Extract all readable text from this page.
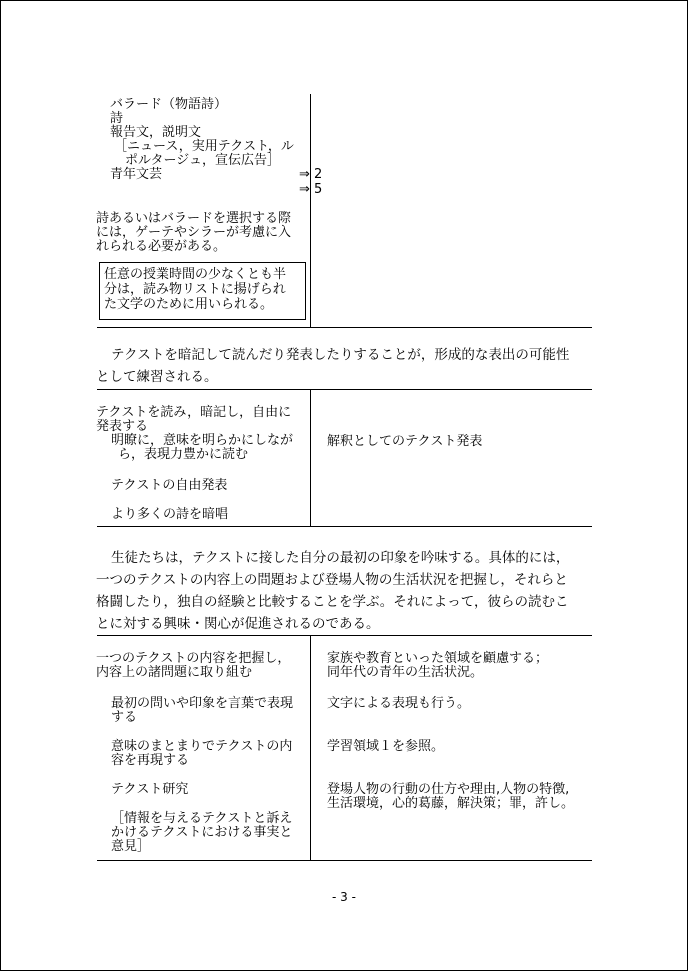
バラード（物語詩）
詩
報告文，説明文
［ニュース，実用テクスト，ル
ポルタージュ，宣伝広告］
青年文芸	⇒ 2
⇒ 5
詩あるいはバラードを選択する際
には，ゲーテやシラーが考慮に入
れられる必要がある。
任意の授業時間の少なくとも半
分は，読み物リストに揚げられ
た文学のために用いられる。
テクストを暗記して読んだり発表したりすることが，形成的な表出の可能性
として練習される。
テクストを読み，暗記し，自由に
発表する
明瞭に，意味を明らかにしなが
ら，表現力豊かに読む
テクストの自由発表
より多くの詩を暗唱
解釈としてのテクスト発表
生徒たちは，テクストに接した自分の最初の印象を吟味する。具体的には，
一つのテクストの内容上の問題および登場人物の生活状況を把握し，それらと
格闘したり，独自の経験と比較することを学ぶ。それによって，彼らの読むこ
とに対する興味・関心が促進されるのである。
一つのテクストの内容を把握し，
内容上の諸問題に取り組む
最初の問いや印象を言葉で表現
する
意味のまとまりでテクストの内
容を再現する
テクスト研究
［情報を与えるテクストと訴え
かけるテクストにおける事実と
意見］
家族や教育といった領域を顧慮する；
同年代の青年の生活状況。
文字による表現も行う。
学習領域１を参照。
登場人物の行動の仕方や理由,人物の特徴,
生活環境，心的葛藤，解決策；罪，許し。
- 3 -
